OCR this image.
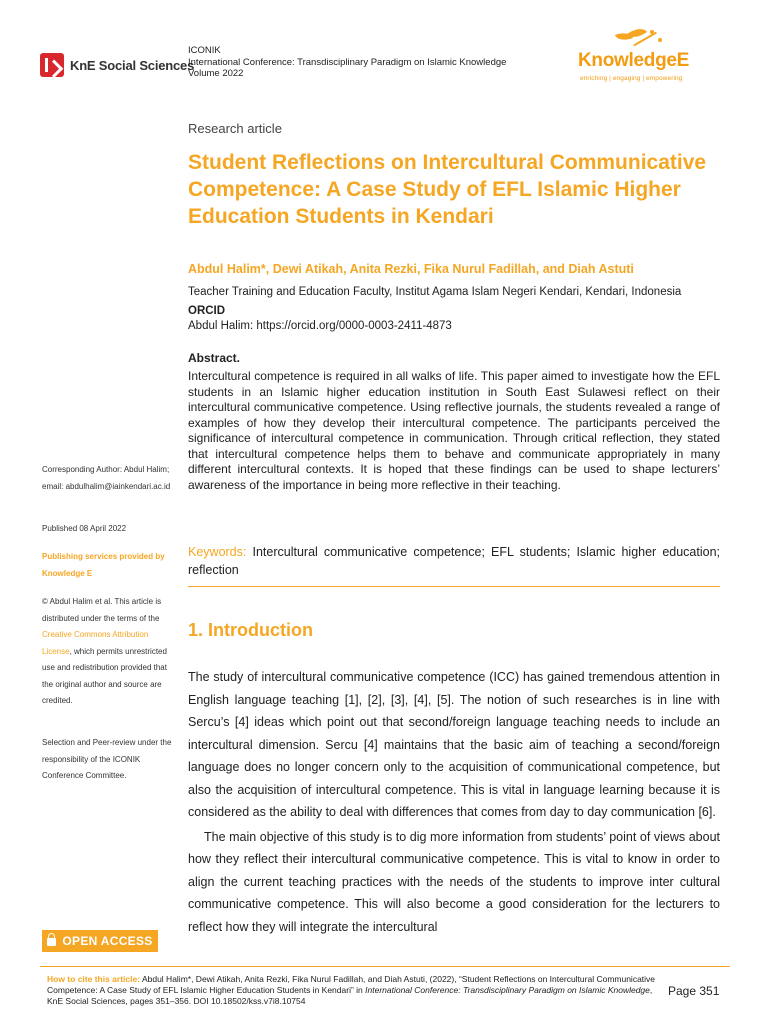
KnE Social Sciences
ICONIK
International Conference: Transdisciplinary Paradigm on Islamic Knowledge
Volume 2022
KnowledgeE
enriching | engaging | empowering
Research article
Student Reflections on Intercultural Communicative Competence: A Case Study of EFL Islamic Higher Education Students in Kendari
Abdul Halim*, Dewi Atikah, Anita Rezki, Fika Nurul Fadillah, and Diah Astuti
Teacher Training and Education Faculty, Institut Agama Islam Negeri Kendari, Kendari, Indonesia
ORCID
Abdul Halim: https://orcid.org/0000-0003-2411-4873
Abstract.

Intercultural competence is required in all walks of life. This paper aimed to investigate how the EFL students in an Islamic higher education institution in South East Sulawesi reflect on their intercultural communicative competence. Using reflective journals, the students revealed a range of examples of how they develop their intercultural competence. The participants perceived the significance of intercultural competence in communication. Through critical reflection, they stated that intercultural competence helps them to behave and communicate appropriately in many different intercultural contexts. It is hoped that these findings can be used to shape lecturers’ awareness of the importance in being more reflective in their teaching.

Keywords: Intercultural communicative competence; EFL students; Islamic higher education; reflection
1. Introduction

The study of intercultural communicative competence (ICC) has gained tremendous attention in English language teaching [1], [2], [3], [4], [5]. The notion of such researches is in line with Sercu’s [4] ideas which point out that second/foreign language teaching needs to include an intercultural dimension. Sercu [4] maintains that the basic aim of teaching a second/foreign language does no longer concern only to the acquisition of communicational competence, but also the acquisition of intercultural competence. This is vital in language learning because it is considered as the ability to deal with differences that comes from day to day communication [6].

The main objective of this study is to dig more information from students’ point of views about how they reflect their intercultural communicative competence. This is vital to know in order to align the current teaching practices with the needs of the students to improve inter cultural communicative competence. This will also become a good consideration for the lecturers to reflect how they will integrate the intercultural

Corresponding Author: Abdul Halim; email: abdulhalim@iainkendari.ac.id
Published 08 April 2022
Publishing services provided by Knowledge E
© Abdul Halim et al. This article is distributed under the terms of the Creative Commons Attribution License, which permits unrestricted use and redistribution provided that the original author and source are credited.
Selection and Peer-review under the responsibility of the ICONIK Conference Committee.
OPEN ACCESS
How to cite this article: Abdul Halim*, Dewi Atikah, Anita Rezki, Fika Nurul Fadillah, and Diah Astuti, (2022), “Student Reflections on Intercultural Communicative Competence: A Case Study of EFL Islamic Higher Education Students in Kendari” in International Conference: Transdisciplinary Paradigm on Islamic Knowledge, KnE Social Sciences, pages 351–356. DOI 10.18502/kss.v7i8.10754
Page 351
